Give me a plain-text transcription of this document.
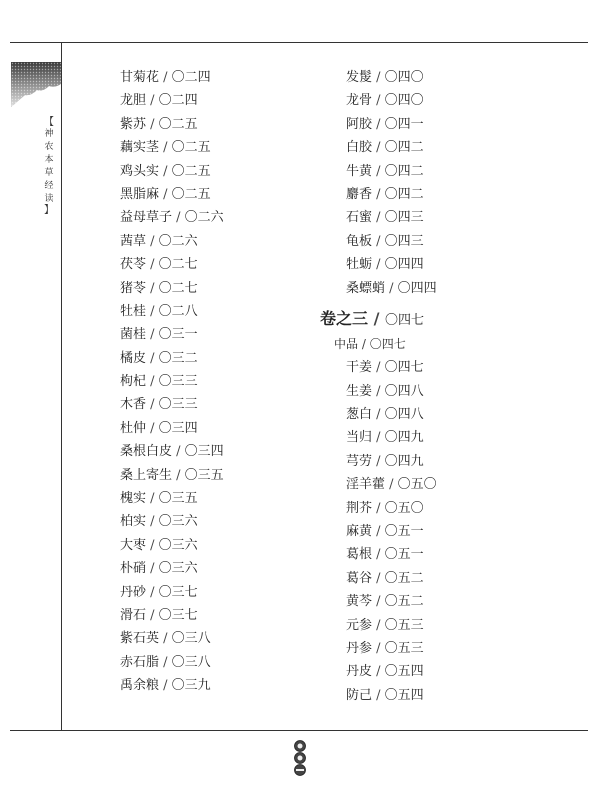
【
神
农
本
草
经
读
】
甘菊花 / 〇二四
龙胆 / 〇二四
紫苏 / 〇二五
藕实茎 / 〇二五
鸡头实 / 〇二五
黑脂麻 / 〇二五
益母草子 / 〇二六
茜草 / 〇二六
茯苓 / 〇二七
猪苓 / 〇二七
牡桂 / 〇二八
菌桂 / 〇三一
橘皮 / 〇三二
枸杞 / 〇三三
木香 / 〇三三
杜仲 / 〇三四
桑根白皮 / 〇三四
桑上寄生 / 〇三五
槐实 / 〇三五
柏实 / 〇三六
大枣 / 〇三六
朴硝 / 〇三六
丹砂 / 〇三七
滑石 / 〇三七
紫石英 / 〇三八
赤石脂 / 〇三八
禹余粮 / 〇三九
发髲 / 〇四〇
龙骨 / 〇四〇
阿胶 / 〇四一
白胶 / 〇四二
牛黄 / 〇四二
麝香 / 〇四二
石蜜 / 〇四三
龟板 / 〇四三
牡蛎 / 〇四四
桑螵蛸 / 〇四四
卷之三 / 〇四七
中品 / 〇四七
干姜 / 〇四七
生姜 / 〇四八
葱白 / 〇四八
当归 / 〇四九
芎劳 / 〇四九
淫羊藿 / 〇五〇
荆芥 / 〇五〇
麻黄 / 〇五一
葛根 / 〇五一
葛谷 / 〇五二
黄芩 / 〇五二
元参 / 〇五三
丹参 / 〇五三
丹皮 / 〇五四
防己 / 〇五四
